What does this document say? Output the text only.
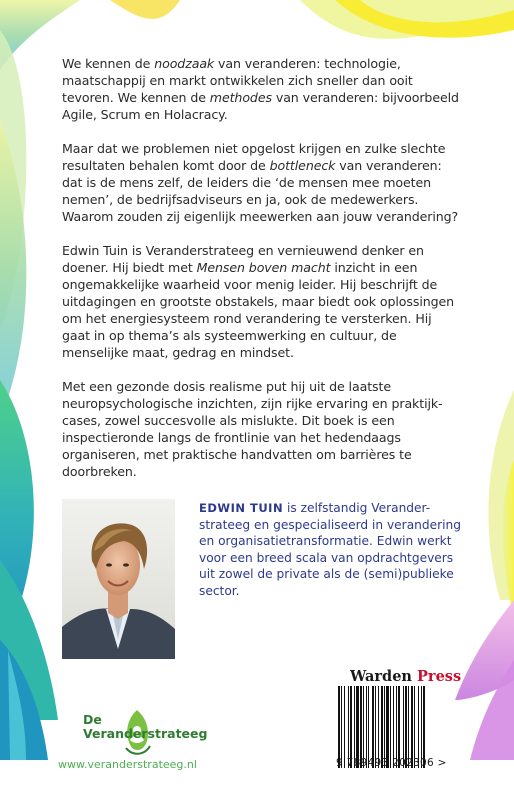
We kennen de noodzaak van veranderen: technologie, maatschappij en markt ontwikkelen zich sneller dan ooit tevoren. We kennen de methodes van veranderen: bijvoorbeeld Agile, Scrum en Holacracy.

Maar dat we problemen niet opgelost krijgen en zulke slechte resultaten behalen komt door de bottleneck van veranderen: dat is de mens zelf, de leiders die ‘de mensen mee moeten nemen’, de bedrijfsadviseurs en ja, ook de medewerkers. Waarom zouden zij eigenlijk meewerken aan jouw verandering?

Edwin Tuin is Veranderstrateeg en vernieuwend denker en doener. Hij biedt met Mensen boven macht inzicht in een ongemakkelijke waarheid voor menig leider. Hij beschrijft de uitdagingen en grootste obstakels, maar biedt ook oplossingen om het energiesysteem rond verandering te versterken. Hij gaat in op thema’s als systeemwerking en cultuur, de menselijke maat, gedrag en mindset.

Met een gezonde dosis realisme put hij uit de laatste neuropsychologische inzichten, zijn rijke ervaring en praktijk-cases, zowel succesvolle als mislukte. Dit boek is een inspectieronde langs de frontlinie van het hedendaags organiseren, met praktische handvatten om barrières te doorbreken.

EDWIN TUIN is zelfstandig Verander-strateeg en gespecialiseerd in verandering en organisatietransformatie. Edwin werkt voor een breed scala van opdrachtgevers uit zowel de private als de (semi)publieke sector.
Warden Press
9 789493 202306 >
De
Veranderstrateeg
www.veranderstrateeg.nl
